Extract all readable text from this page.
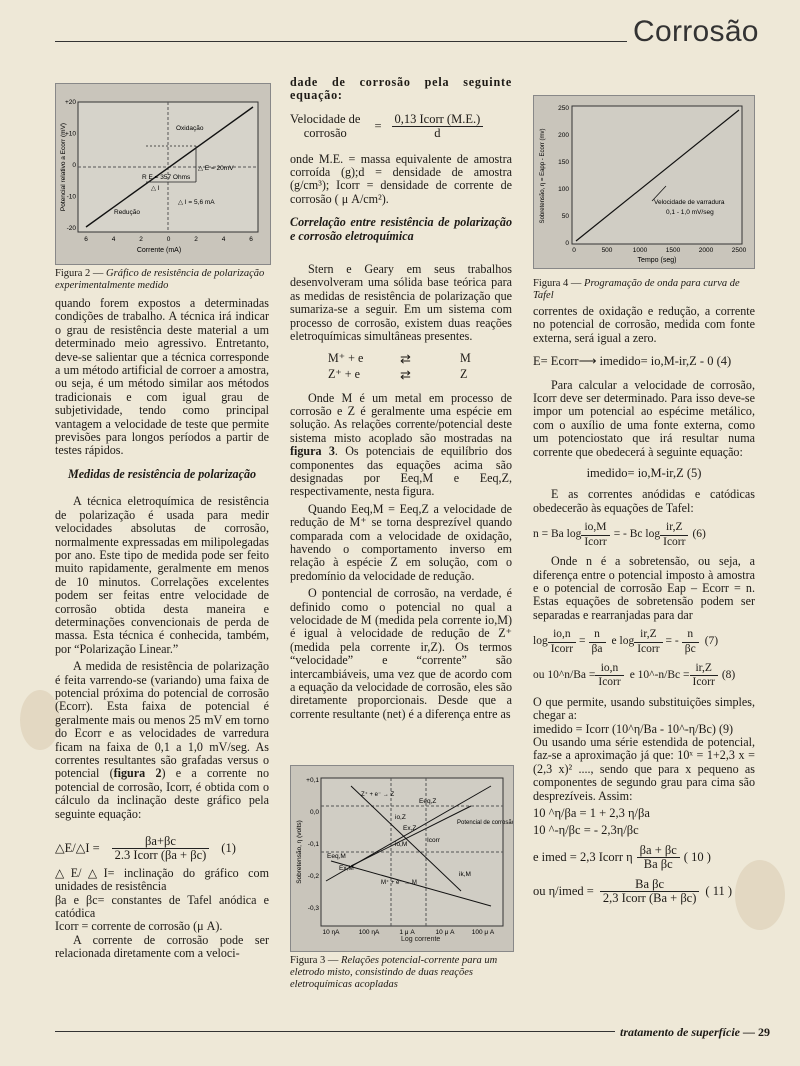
Corrosão
+20
+10
0
-10
-20
6	4	2	0	2	4	6
Oxidação
Redução
△ E = 20mV
R E = 357 Ohms
△ I
△ I = 5,6 mA
Corrente (mA)
Potencial relativo a Ecorr (mV)
Figura 2 — Gráfico de resistência de polarização experimentalmente medido

quando forem expostos a determinadas condições de trabalho. A técnica irá indicar o grau de resistência deste material a um determinado meio agressivo. Entretanto, deve-se salientar que a técnica corresponde a um método artificial de corroer a amostra, ou seja, é um método similar aos métodos tradicionais e com igual grau de subjetividade, tendo como principal vantagem a velocidade de teste que permite previsões para longos períodos a partir de testes rápidos.

Medidas de resistência de polarização

A técnica eletroquímica de resistência de polarização é usada para medir velocidades absolutas de corrosão, normalmente expressadas em milipolegadas por ano. Este tipo de medida pode ser feito muito rapidamente, geralmente em menos de 10 minutos. Correlações excelentes podem ser feitas entre velocidade de corrosão obtida desta maneira e determinações convencionais de perda de massa. Esta técnica é conhecida, também, por “Polarização Linear.”

A medida de resistência de polarização é feita varrendo-se (variando) uma faixa de potencial próxima do potencial de corrosão (Ecorr). Esta faixa de potencial é geralmente mais ou menos 25 mV em torno do Ecorr e as velocidades de varredura ficam na faixa de 0,1 a 1,0 mV/seg. As correntes resultantes são grafadas versus o potencial (figura 2) e a corrente no potencial de corrosão, Icorr, é obtida com o cálculo da inclinação deste gráfico pela seguinte equação:

△E/△I = $\frac{\beta a+\beta c}{\text{2.3 Icorr (βa + βc)}} (1)$

△E/△I= inclinação do gráfico com unidades de resistência

βa e βc= constantes de Tafel anódica e catódica

Icorr = corrente de corrosão (μ A).

A corrente de corrosão pode ser relacionada diretamente com a veloci-

dade de corrosão pela seguinte equação:

Velocidade de
corrosão	= $\frac{\text{0,13 Icorr (M.E.)}}{d}$

onde M.E. = massa equivalente de amostra corroída (g);d = densidade de amostra (g/cm³); Icorr = densidade de corrente de corrosão ( μ A/cm²).

Correlação entre resistência de polarização e corrosão eletroquímica

Stern e Geary em seus trabalhos desenvolveram uma sólida base teórica para as medidas de resistência de polarização que sumariza-se a seguir. Em um sistema com processo de corrosão, existem duas reações eletroquímicas simultâneas presentes.

M⁺ + e	⇄	M
Z⁺ + e	⇄	Z

Onde M é um metal em processo de corrosão e Z é geralmente uma espécie em solução. As relações corrente/potencial deste sistema misto acoplado são mostradas na figura 3. Os potenciais de equilíbrio dos componentes das equações acima são designadas por Eeq,M e Eeq,Z, respectivamente, nesta figura.

Quando Eeq,M = Eeq,Z a velocidade de redução de M⁺ se torna desprezível quando comparada com a velocidade de oxidação, havendo o comportamento inverso em relação à espécie Z em solução, com o predomínio da velocidade de redução.

O pontencial de corrosão, na verdade, é definido como o potencial no qual a velocidade de M (medida pela corrente io,M) é igual à velocidade de redução de Z⁺ (medida pela corrente ir,Z). Os termos “velocidade” e “corrente” são intercambiáveis, uma vez que de acordo com a equação da velocidade de corrosão, eles são diretamente proporcionais. Desde que a corrente resultante (net) é a diferença entre as

+0,1
0,0
-0,1
-0,2
-0,3
10 ηA	100 ηA	1 μ A	10 μ A	100 μ A
Eeq,Z
Eeq,M
Ex,M
Ex,Z
io,M
io,Z
Icorr
Potencial de corrosão
ik,M
M⁺ + e⁻ → M
Z⁺ + e⁻ → Z
Sobretensão, η (volts)
Log corrente
Figura 3 — Relações potencial-corrente para um eletrodo misto, consistindo de duas reações eletroquímicas acopladas
250
200
150
100
50
0
0	500	1000	1500	2000	2500
Velocidade de varradura
0,1 - 1,0 mV/seg
Tempo (seg)
Sobretensão, η = Eapp - Ecorr (mv)
Figura 4 — Programação de onda para curva de Tafel

correntes de oxidação e redução, a corrente no potencial de corrosão, medida com fonte externa, será igual a zero.

E= Ecorr⟶ imedido= io,M-ir,Z - 0 (4)

Para calcular a velocidade de corrosão, Icorr deve ser determinado. Para isso deve-se impor um potencial ao espécime metálico, com o auxílio de uma fonte externa, como um potenciostato que irá resultar numa corrente que obedecerá à seguinte equação:

imedido= io,M-ir,Z (5)

E as correntes anódidas e catódicas obedecerão às equações de Tafel:

n = Ba $\log \frac{io,M}{\text{Icorr}}$ = - Bc $\log \frac{ir,Z}{\text{Icorr}} (6)$

Onde n é a sobretensão, ou seja, a diferença entre o potencial imposto à amostra e o potencial de corrosão Eap – Ecorr = n. Estas equações de sobretensão podem ser separadas e rearranjadas para dar

$\log \frac{io,n}{\text{Icorr}} = \frac{n}{\beta a}$ e $\log \frac{ir,Z}{\text{Icorr}}$ = - $\frac{n}{\beta c} (7)$
ou 10^n/Ba = $\frac{io,n}{\text{Icorr}}$ e 10^-n/Bc = $\frac{ir,Z}{\text{Icorr}} (8)$

O que permite, usando substituições simples, chegar a:

imedido = Icorr (10^η/Ba - 10^-η/Bc) (9)

Ou usando uma série estendida de potencial, faz-se a aproximação já que: 10ˣ = 1+2,3 x = (2,3 x)² ...., sendo que para x pequeno as componentes de segundo grau para cima são desprezíveis. Assim:

10 ^η/βa = 1 + 2,3 η/βa

10 ^-η/βc = - 2,3η/βc

e imed = 2,3 Icorr η $\frac{\beta a + \beta c}{\text{Ba βc}}$ ( 10 )
ou η/imed = $\frac{\text{Ba βc}}{\text{2,3 Icorr (Ba + βc)}}$ ( 11 )
tratamento de superfície — 29
